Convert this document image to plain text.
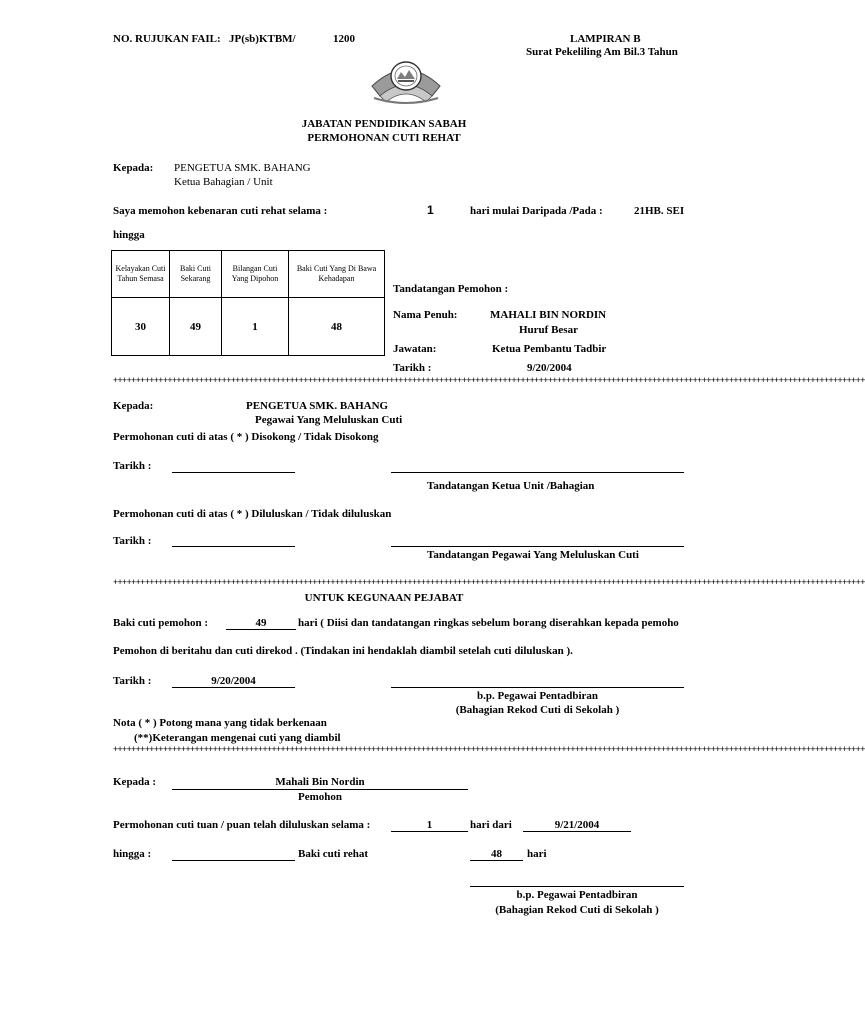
NO. RUJUKAN FAIL: JP(sb)KTBM/	1200	LAMPIRAN B
Surat Pekeliling Am Bil.3 Tahun
JABATAN PENDIDIKAN SABAH
PERMOHONAN CUTI REHAT
Kepada: PENGETUA SMK. BAHANG
Ketua Bahagian / Unit
Saya memohon kebenaran cuti rehat selama :	1	hari mulai Daripada /Pada :	21HB. SEI
hingga
Kelayakan Cuti Tahun Semasa	Baki Cuti Sekarang	Bilangan Cuti Yang Dipohon	Baki Cuti Yang Di Bawa Kehadapan
30	49	1	48
Tandatangan Pemohon :
Nama Penuh:	MAHALI BIN NORDIN
Huruf Besar
Jawatan:	Ketua Pembantu Tadbir
Tarikh :	9/20/2004
++++++++++++++++++++++++++++++++++++++++++++++++++++++++++++++++++++++++++++++++++++++++++++++++++++++++++++++++++++++++++++++++++++++++++++++++++++++++++++++++++++++
Kepada:	PENGETUA SMK. BAHANG
Pegawai Yang Meluluskan Cuti
Permohonan cuti di atas ( * ) Disokong / Tidak Disokong
Tarikh :
Tandatangan Ketua Unit /Bahagian
Permohonan cuti di atas ( * ) Diluluskan / Tidak diluluskan
Tarikh :
Tandatangan Pegawai Yang Meluluskan Cuti
++++++++++++++++++++++++++++++++++++++++++++++++++++++++++++++++++++++++++++++++++++++++++++++++++++++++++++++++++++++++++++++++++++++++++++++++++++++++++++++++++++++
UNTUK KEGUNAAN PEJABAT
Baki cuti pemohon :	49	hari ( Diisi dan tandatangan ringkas sebelum borang diserahkan kepada pemoho
Pemohon di beritahu dan cuti direkod . (Tindakan ini hendaklah diambil setelah cuti diluluskan ).
Tarikh :	9/20/2004
b.p. Pegawai Pentadbiran
(Bahagian Rekod Cuti di Sekolah )
Nota ( * ) Potong mana yang tidak berkenaan
(**)Keterangan mengenai cuti yang diambil
++++++++++++++++++++++++++++++++++++++++++++++++++++++++++++++++++++++++++++++++++++++++++++++++++++++++++++++++++++++++++++++++++++++++++++++++++++++++++++++++++++++
Kepada :	Mahali Bin Nordin
Pemohon
Permohonan cuti tuan / puan telah diluluskan selama :	1	hari dari	9/21/2004
hingga :	Baki cuti rehat	48	hari
b.p. Pegawai Pentadbiran
(Bahagian Rekod Cuti di Sekolah )
